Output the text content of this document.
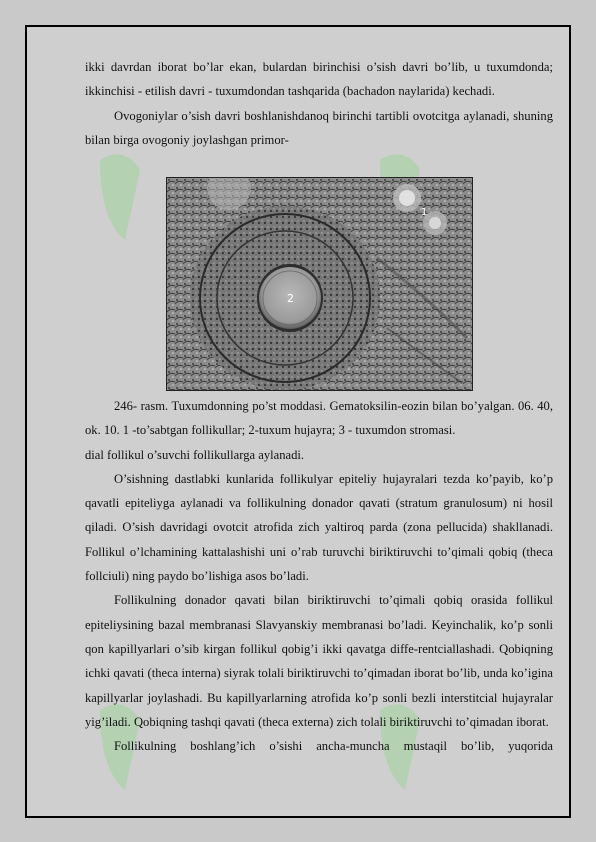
ikki davrdan iborat bo’lar ekan, bulardan birinchisi o’sish davri bo’lib, u tuxumdonda; ikkinchisi - etilish davri - tuxumdondan tashqarida (bachadon naylarida) kechadi.

Ovogoniylar o’sish davri boshlanishdanoq birinchi tartibli ovotcitga aylanadi, shuning bilan birga ovogoniy joylashgan primor-

2
1

246- rasm. Tuxumdonning po’st moddasi. Gematoksilin-eozin bilan bo’yalgan. 06. 40, ok. 10. 1 -to’sabtgan follikullar; 2-tuxum hujayra; 3 - tuxumdon stromasi.

dial follikul o’suvchi follikullarga aylanadi.

O’sishning dastlabki kunlarida follikulyar epiteliy hujayralari tezda ko’payib, ko’p qavatli epiteliyga aylanadi va follikulning donador qavati (stratum granulosum) ni hosil qiladi. O’sish davridagi ovotcit atrofida zich yaltiroq parda (zona pellucida) shakllanadi. Follikul o’lchamining kattalashishi uni o’rab turuvchi biriktiruvchi to’qimali qobiq (theca follciuli) ning paydo bo’lishiga asos bo’ladi.

Follikulning donador qavati bilan biriktiruvchi to’qimali qobiq orasida follikul epiteliysining bazal membranasi Slavyanskiy membranasi bo’ladi. Keyinchalik, ko’p sonli qon kapillyarlari o’sib kirgan follikul qobig’i ikki qavatga diffe-rentciallashadi. Qobiqning ichki qavati (theca interna) siyrak tolali biriktiruvchi to’qimadan iborat bo’lib, unda ko’igina kapillyarlar joylashadi. Bu kapillyarlarning atrofida ko’p sonli bezli interstitcial hujayralar yig’iladi. Qobiqning tashqi qavati (theca externa) zich tolali biriktiruvchi to’qimadan iborat.

Follikulning boshlang’ich o’sishi ancha-muncha mustaqil bo’lib, yuqorida
